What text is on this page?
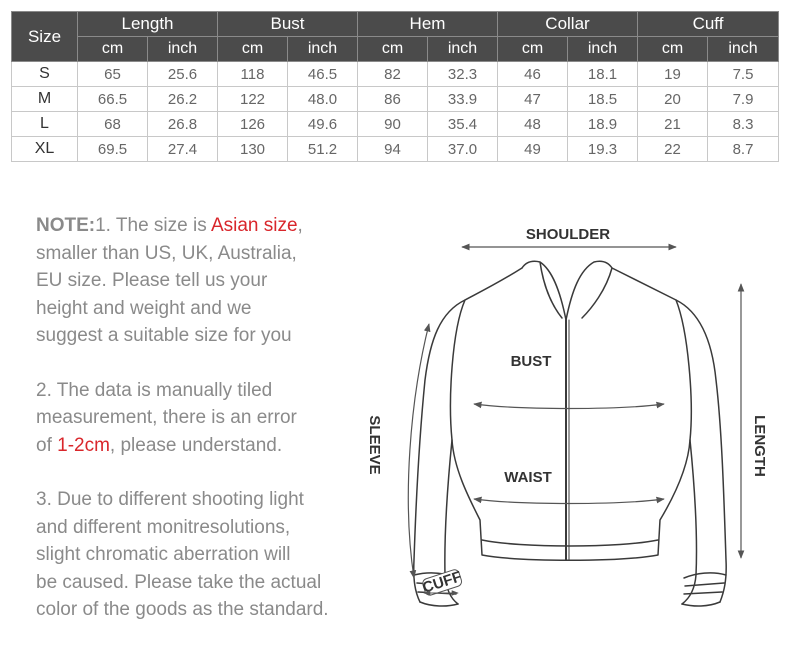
Size	Length		Bust		Hem		Collar		Cuff	
	cm	inch	cm	inch	cm	inch	cm	inch	cm	inch
S	65	25.6	118	46.5	82	32.3	46	18.1	19	7.5
M	66.5	26.2	122	48.0	86	33.9	47	18.5	20	7.9
L	68	26.8	126	49.6	90	35.4	48	18.9	21	8.3
XL	69.5	27.4	130	51.2	94	37.0	49	19.3	22	8.7

NOTE:1. The size is Asian size,
smaller than US, UK, Australia,
EU size. Please tell us your
height and weight and we
suggest a suitable size for you

2. The data is manually tiled
measurement, there is an error
of 1-2cm, please understand.

3. Due to different shooting light
and different monitresolutions,
slight chromatic aberration will
be caused. Please take the actual
color of the goods as the standard.

SHOULDER
BUST
WAIST
SLEEVE	LENGTH
CUFF
